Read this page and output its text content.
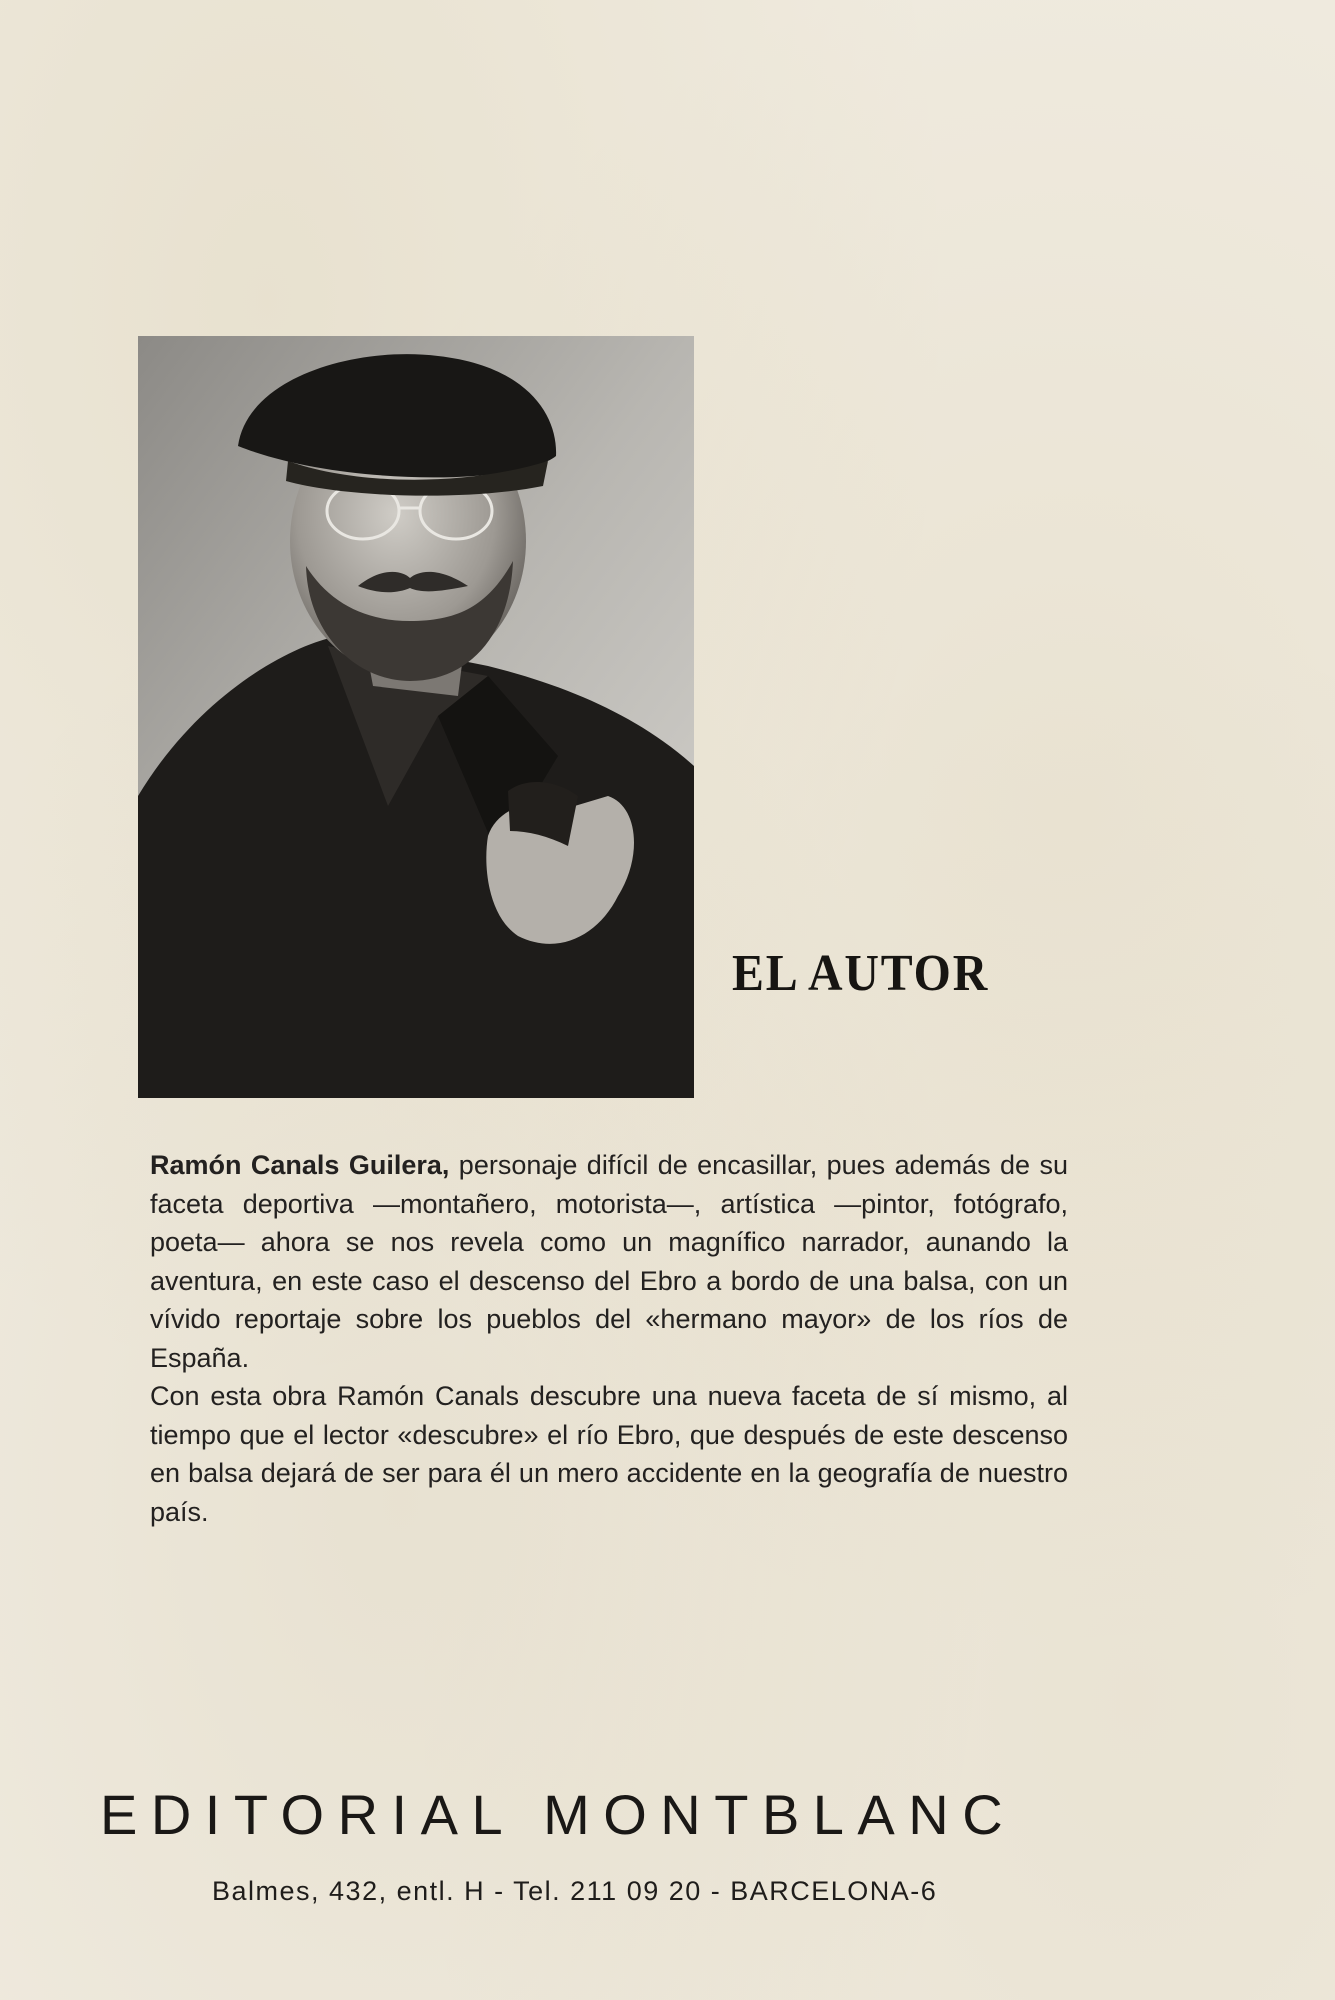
EL AUTOR

Ramón Canals Guilera, personaje difícil de encasillar, pues además de su faceta deportiva —montañero, motorista—, artística —pintor, fotógrafo, poeta— ahora se nos revela como un magnífico narrador, aunando la aventura, en este caso el descenso del Ebro a bordo de una balsa, con un vívido reportaje sobre los pueblos del «hermano mayor» de los ríos de España.

Con esta obra Ramón Canals descubre una nueva faceta de sí mismo, al tiempo que el lector «descubre» el río Ebro, que después de este descenso en balsa dejará de ser para él un mero accidente en la geografía de nuestro país.

EDITORIAL MONTBLANC

Balmes, 432, entl. H - Tel. 211 09 20 - BARCELONA-6
